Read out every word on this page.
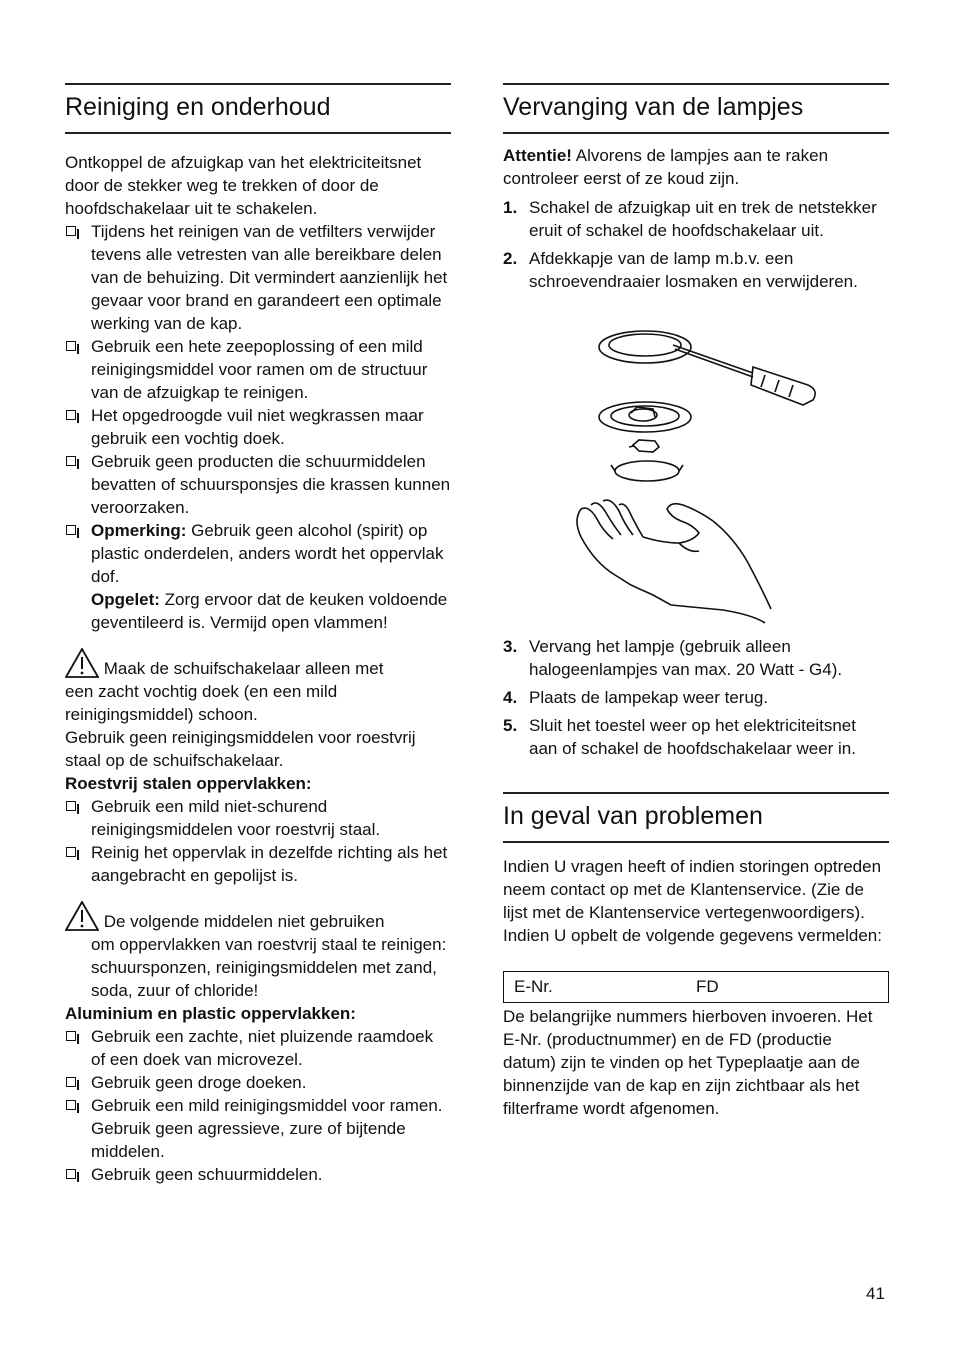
Reiniging en onderhoud

Ontkoppel de afzuigkap van het elektriciteitsnet door de stekker weg te trekken of door de hoofdschakelaar uit te schakelen.

Tijdens het reinigen van de vetfilters verwijder tevens alle vetresten van alle bereikbare delen van de behuizing. Dit vermindert aanzienlijk het gevaar voor brand en garandeert een optimale werking van de kap.
Gebruik een hete zeepoplossing of een mild reinigingsmiddel voor ramen om de structuur van de afzuigkap te reinigen.
Het opgedroogde vuil niet wegkrassen maar gebruik een vochtig doek.
Gebruik geen producten die schuurmiddelen bevatten of schuursponsjes die krassen kunnen veroorzaken.
Opmerking: Gebruik geen alcohol (spirit) op plastic onderdelen, anders wordt het oppervlak dof.
Opgelet: Zorg ervoor dat de keuken voldoende geventileerd is. Vermijd open vlammen!
Maak de schuifschakelaar alleen met
een zacht vochtig doek (en een mild reinigingsmiddel) schoon.
Gebruik geen reinigingsmiddelen voor roestvrij staal op de schuifschakelaar.

Roestvrij stalen oppervlakken:

Gebruik een mild niet-schurend reinigingsmiddelen voor roestvrij staal.
Reinig het oppervlak in dezelfde richting als het aangebracht en gepolijst is.
De volgende middelen niet gebruiken
om oppervlakken van roestvrij staal te reinigen: schuursponzen, reinigingsmiddelen met zand, soda, zuur of chloride!

Aluminium en plastic oppervlakken:

Gebruik een zachte, niet pluizende raamdoek of een doek van microvezel.
Gebruik geen droge doeken.
Gebruik een mild reinigingsmiddel voor ramen. Gebruik geen agressieve, zure of bijtende middelen.
Gebruik geen schuurmiddelen.
Vervanging van de lampjes

Attentie! Alvorens de lampjes aan te raken controleer eerst of ze koud zijn.

1. Schakel de afzuigkap uit en trek de netstekker eruit of schakel de hoofdschakelaar uit.
2. Afdekkapje van de lamp m.b.v. een schroevendraaier losmaken en verwijderen.
3. Vervang het lampje (gebruik alleen halogeenlampjes van max. 20 Watt - G4).
4. Plaats de lampekap weer terug.
5. Sluit het toestel weer op het elektriciteitsnet aan of schakel de hoofdschakelaar weer in.
In geval van problemen

Indien U vragen heeft of indien storingen optreden neem contact op met de Klantenservice. (Zie de lijst met de Klantenservice vertegenwoordigers). Indien U opbelt de volgende gegevens vermelden:

E-Nr.	FD

De belangrijke nummers hierboven invoeren. Het E-Nr. (productnummer) en de FD (productie datum) zijn te vinden op het Typeplaatje aan de binnenzijde van de kap en zijn zichtbaar als het filterframe wordt afgenomen.

41
